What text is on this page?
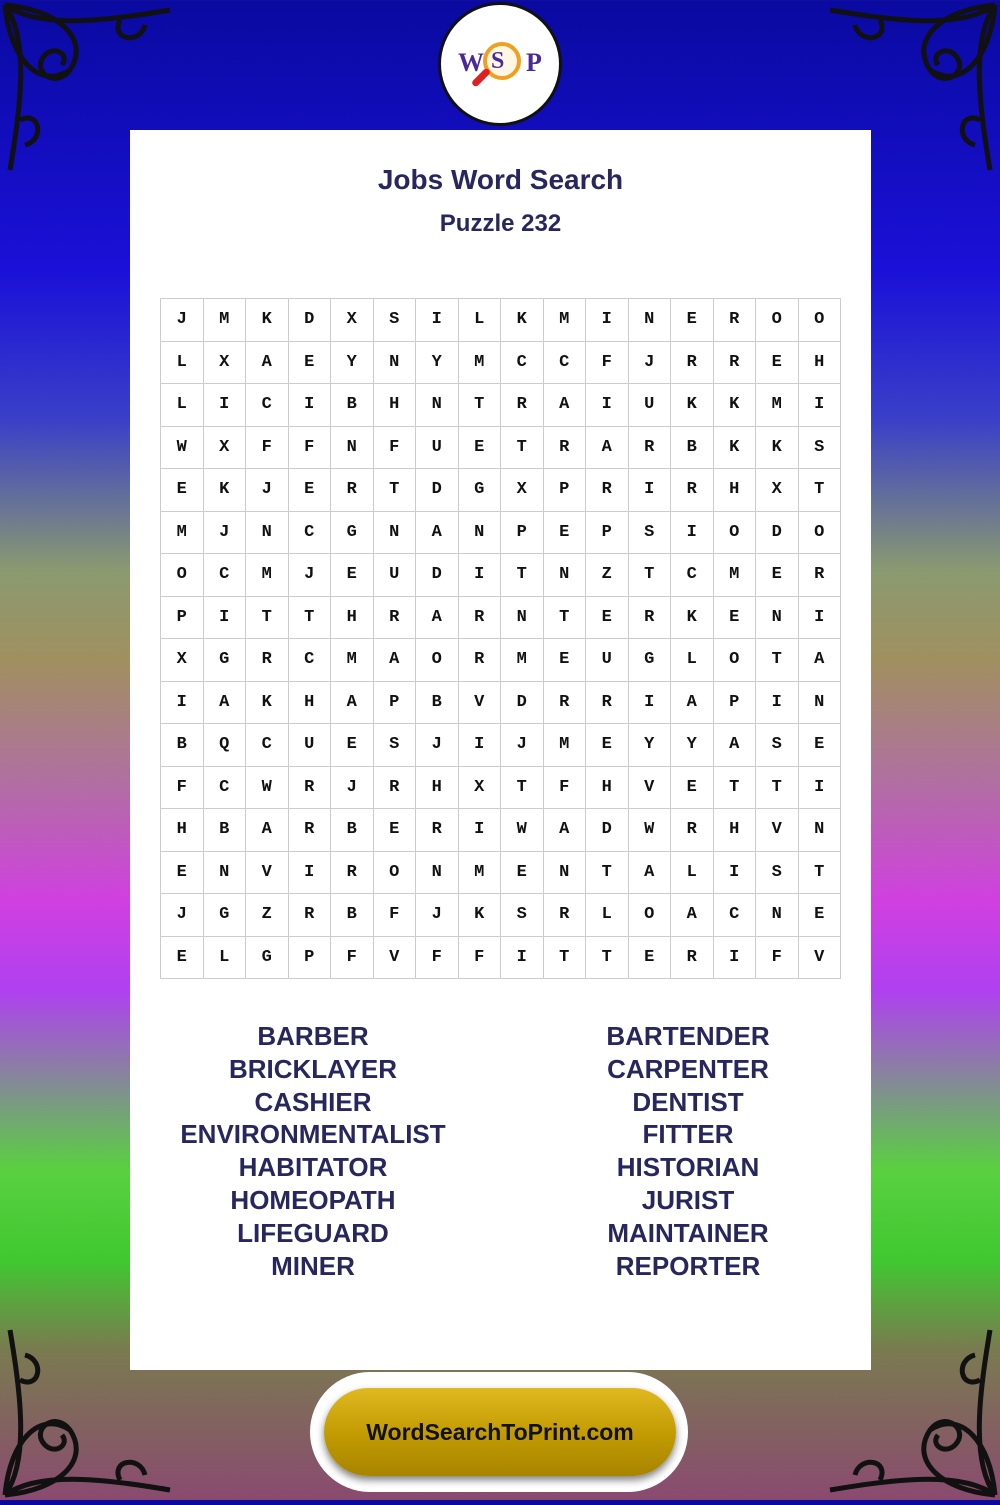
W S P
Jobs Word Search
Puzzle 232
J	M	K	D	X	S	I	L	K	M	I	N	E	R	O	O
L	X	A	E	Y	N	Y	M	C	C	F	J	R	R	E	H
L	I	C	I	B	H	N	T	R	A	I	U	K	K	M	I
W	X	F	F	N	F	U	E	T	R	A	R	B	K	K	S
E	K	J	E	R	T	D	G	X	P	R	I	R	H	X	T
M	J	N	C	G	N	A	N	P	E	P	S	I	O	D	O
O	C	M	J	E	U	D	I	T	N	Z	T	C	M	E	R
P	I	T	T	H	R	A	R	N	T	E	R	K	E	N	I
X	G	R	C	M	A	O	R	M	E	U	G	L	O	T	A
I	A	K	H	A	P	B	V	D	R	R	I	A	P	I	N
B	Q	C	U	E	S	J	I	J	M	E	Y	Y	A	S	E
F	C	W	R	J	R	H	X	T	F	H	V	E	T	T	I
H	B	A	R	B	E	R	I	W	A	D	W	R	H	V	N
E	N	V	I	R	O	N	M	E	N	T	A	L	I	S	T
J	G	Z	R	B	F	J	K	S	R	L	O	A	C	N	E
E	L	G	P	F	V	F	F	I	T	T	E	R	I	F	V
BARBER
BRICKLAYER
CASHIER
ENVIRONMENTALIST
HABITATOR
HOMEOPATH
LIFEGUARD
MINER
BARTENDER
CARPENTER
DENTIST
FITTER
HISTORIAN
JURIST
MAINTAINER
REPORTER
WordSearchToPrint.com
